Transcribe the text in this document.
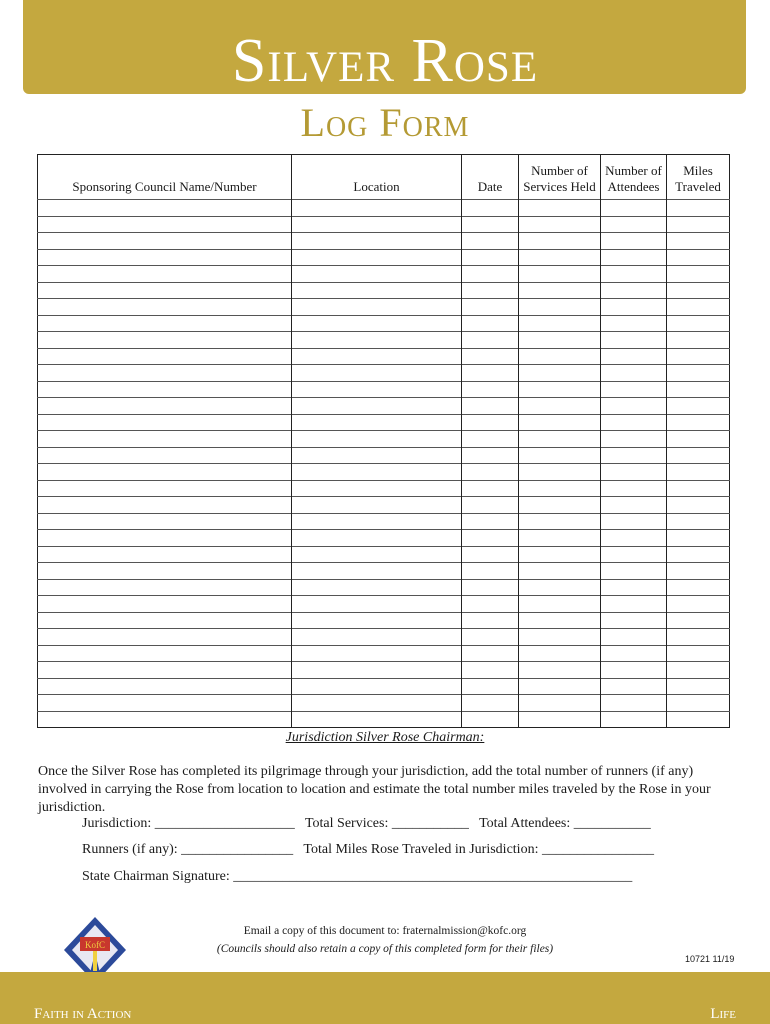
Silver Rose
Log Form
Sponsoring Council Name/Number	Location	Date	Number of Services Held	Number of Attendees	Miles Traveled

Jurisdiction Silver Rose Chairman:
Once the Silver Rose has completed its pilgrimage through your jurisdiction, add the total number of runners (if any) involved in carrying the Rose from location to location and estimate the total number miles traveled by the Rose in your jurisdiction.
Jurisdiction: ____________________   Total Services: ___________   Total Attendees: ___________
Runners (if any): ________________   Total Miles Rose Traveled in Jurisdiction: ________________
State Chairman Signature: _________________________________________________________
KofC
Email a copy of this document to: fraternalmission@kofc.org
(Councils should also retain a copy of this completed form for their files)
10721 11/19
